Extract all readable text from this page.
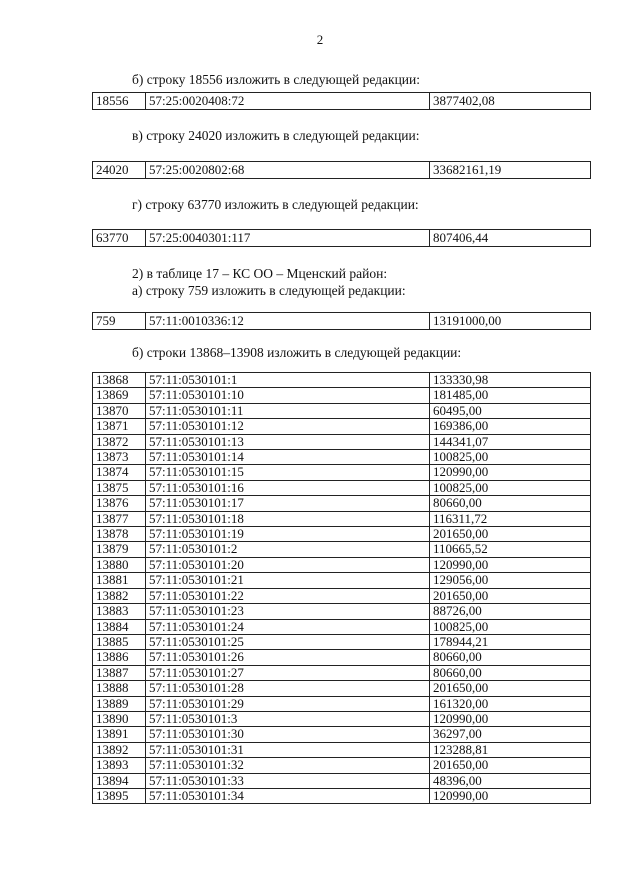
2
б) строку 18556 изложить в следующей редакции:
18556	57:25:0020408:72	3877402,08
в) строку 24020 изложить в следующей редакции:
24020	57:25:0020802:68	33682161,19
г) строку 63770 изложить в следующей редакции:
63770	57:25:0040301:117	807406,44
2) в таблице 17 – КС ОО – Мценский район:
а) строку 759 изложить в следующей редакции:
759	57:11:0010336:12	13191000,00
б) строки 13868–13908 изложить в следующей редакции:
13868	57:11:0530101:1	133330,98
13869	57:11:0530101:10	181485,00
13870	57:11:0530101:11	60495,00
13871	57:11:0530101:12	169386,00
13872	57:11:0530101:13	144341,07
13873	57:11:0530101:14	100825,00
13874	57:11:0530101:15	120990,00
13875	57:11:0530101:16	100825,00
13876	57:11:0530101:17	80660,00
13877	57:11:0530101:18	116311,72
13878	57:11:0530101:19	201650,00
13879	57:11:0530101:2	110665,52
13880	57:11:0530101:20	120990,00
13881	57:11:0530101:21	129056,00
13882	57:11:0530101:22	201650,00
13883	57:11:0530101:23	88726,00
13884	57:11:0530101:24	100825,00
13885	57:11:0530101:25	178944,21
13886	57:11:0530101:26	80660,00
13887	57:11:0530101:27	80660,00
13888	57:11:0530101:28	201650,00
13889	57:11:0530101:29	161320,00
13890	57:11:0530101:3	120990,00
13891	57:11:0530101:30	36297,00
13892	57:11:0530101:31	123288,81
13893	57:11:0530101:32	201650,00
13894	57:11:0530101:33	48396,00
13895	57:11:0530101:34	120990,00
